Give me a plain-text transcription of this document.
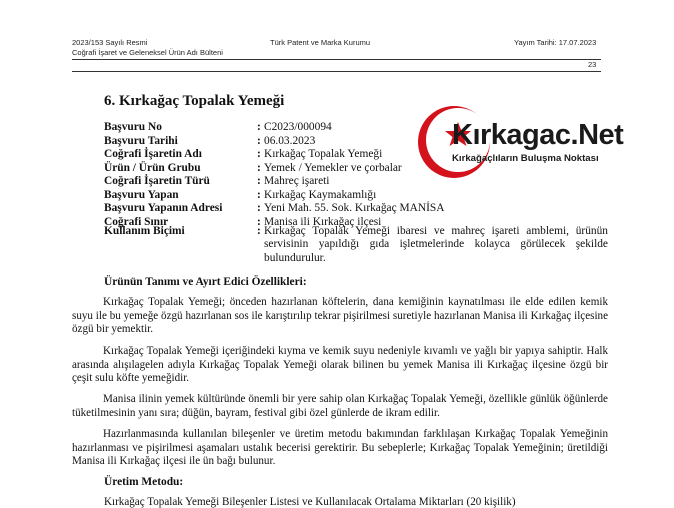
2023/153 Sayılı Resmi
Coğrafi İşaret ve Geleneksel Ürün Adı Bülteni
Türk Patent ve Marka Kurumu	Yayım Tarihi: 17.07.2023
23
6. Kırkağaç Topalak Yemeği
Başvuru No	: C2023/000094
Başvuru Tarihi	: 06.03.2023
Coğrafi İşaretin Adı	: Kırkağaç Topalak Yemeği
Ürün / Ürün Grubu	: Yemek / Yemekler ve çorbalar
Coğrafi İşaretin Türü	: Mahreç işareti
Başvuru Yapan	: Kırkağaç Kaymakamlığı
Başvuru Yapanın Adresi	: Yeni Mah. 55. Sok. Kırkağaç MANİSA
Coğrafi Sınır	: Manisa ili Kırkağaç ilçesi
Kullanım Biçimi	: Kırkağaç Topalak Yemeği ibaresi ve mahreç işareti amblemi, ürünün servisinin yapıldığı gıda işletmelerinde kolayca görülecek şekilde bulundurulur.
Kırkagac.Net
Kırkağaçlıların Buluşma Noktası
Ürünün Tanımı ve Ayırt Edici Özellikleri:

Kırkağaç Topalak Yemeği; önceden hazırlanan köftelerin, dana kemiğinin kaynatılması ile elde edilen kemik suyu ile bu yemeğe özgü hazırlanan sos ile karıştırılıp tekrar pişirilmesi suretiyle hazırlanan Manisa ili Kırkağaç ilçesine özgü bir yemektir.

Kırkağaç Topalak Yemeği içeriğindeki kıyma ve kemik suyu nedeniyle kıvamlı ve yağlı bir yapıya sahiptir. Halk arasında alışılagelen adıyla Kırkağaç Topalak Yemeği olarak bilinen bu yemek Manisa ili Kırkağaç ilçesine özgü bir çeşit sulu köfte yemeğidir.

Manisa ilinin yemek kültüründe önemli bir yere sahip olan Kırkağaç Topalak Yemeği, özellikle günlük öğünlerde tüketilmesinin yanı sıra; düğün, bayram, festival gibi özel günlerde de ikram edilir.

Hazırlanmasında kullanılan bileşenler ve üretim metodu bakımından farklılaşan Kırkağaç Topalak Yemeğinin hazırlanması ve pişirilmesi aşamaları ustalık becerisi gerektirir. Bu sebeplerle; Kırkağaç Topalak Yemeğinin; üretildiği Manisa ili Kırkağaç ilçesi ile ün bağı bulunur.

Üretim Metodu:
Kırkağaç Topalak Yemeği Bileşenler Listesi ve Kullanılacak Ortalama Miktarları (20 kişilik)
